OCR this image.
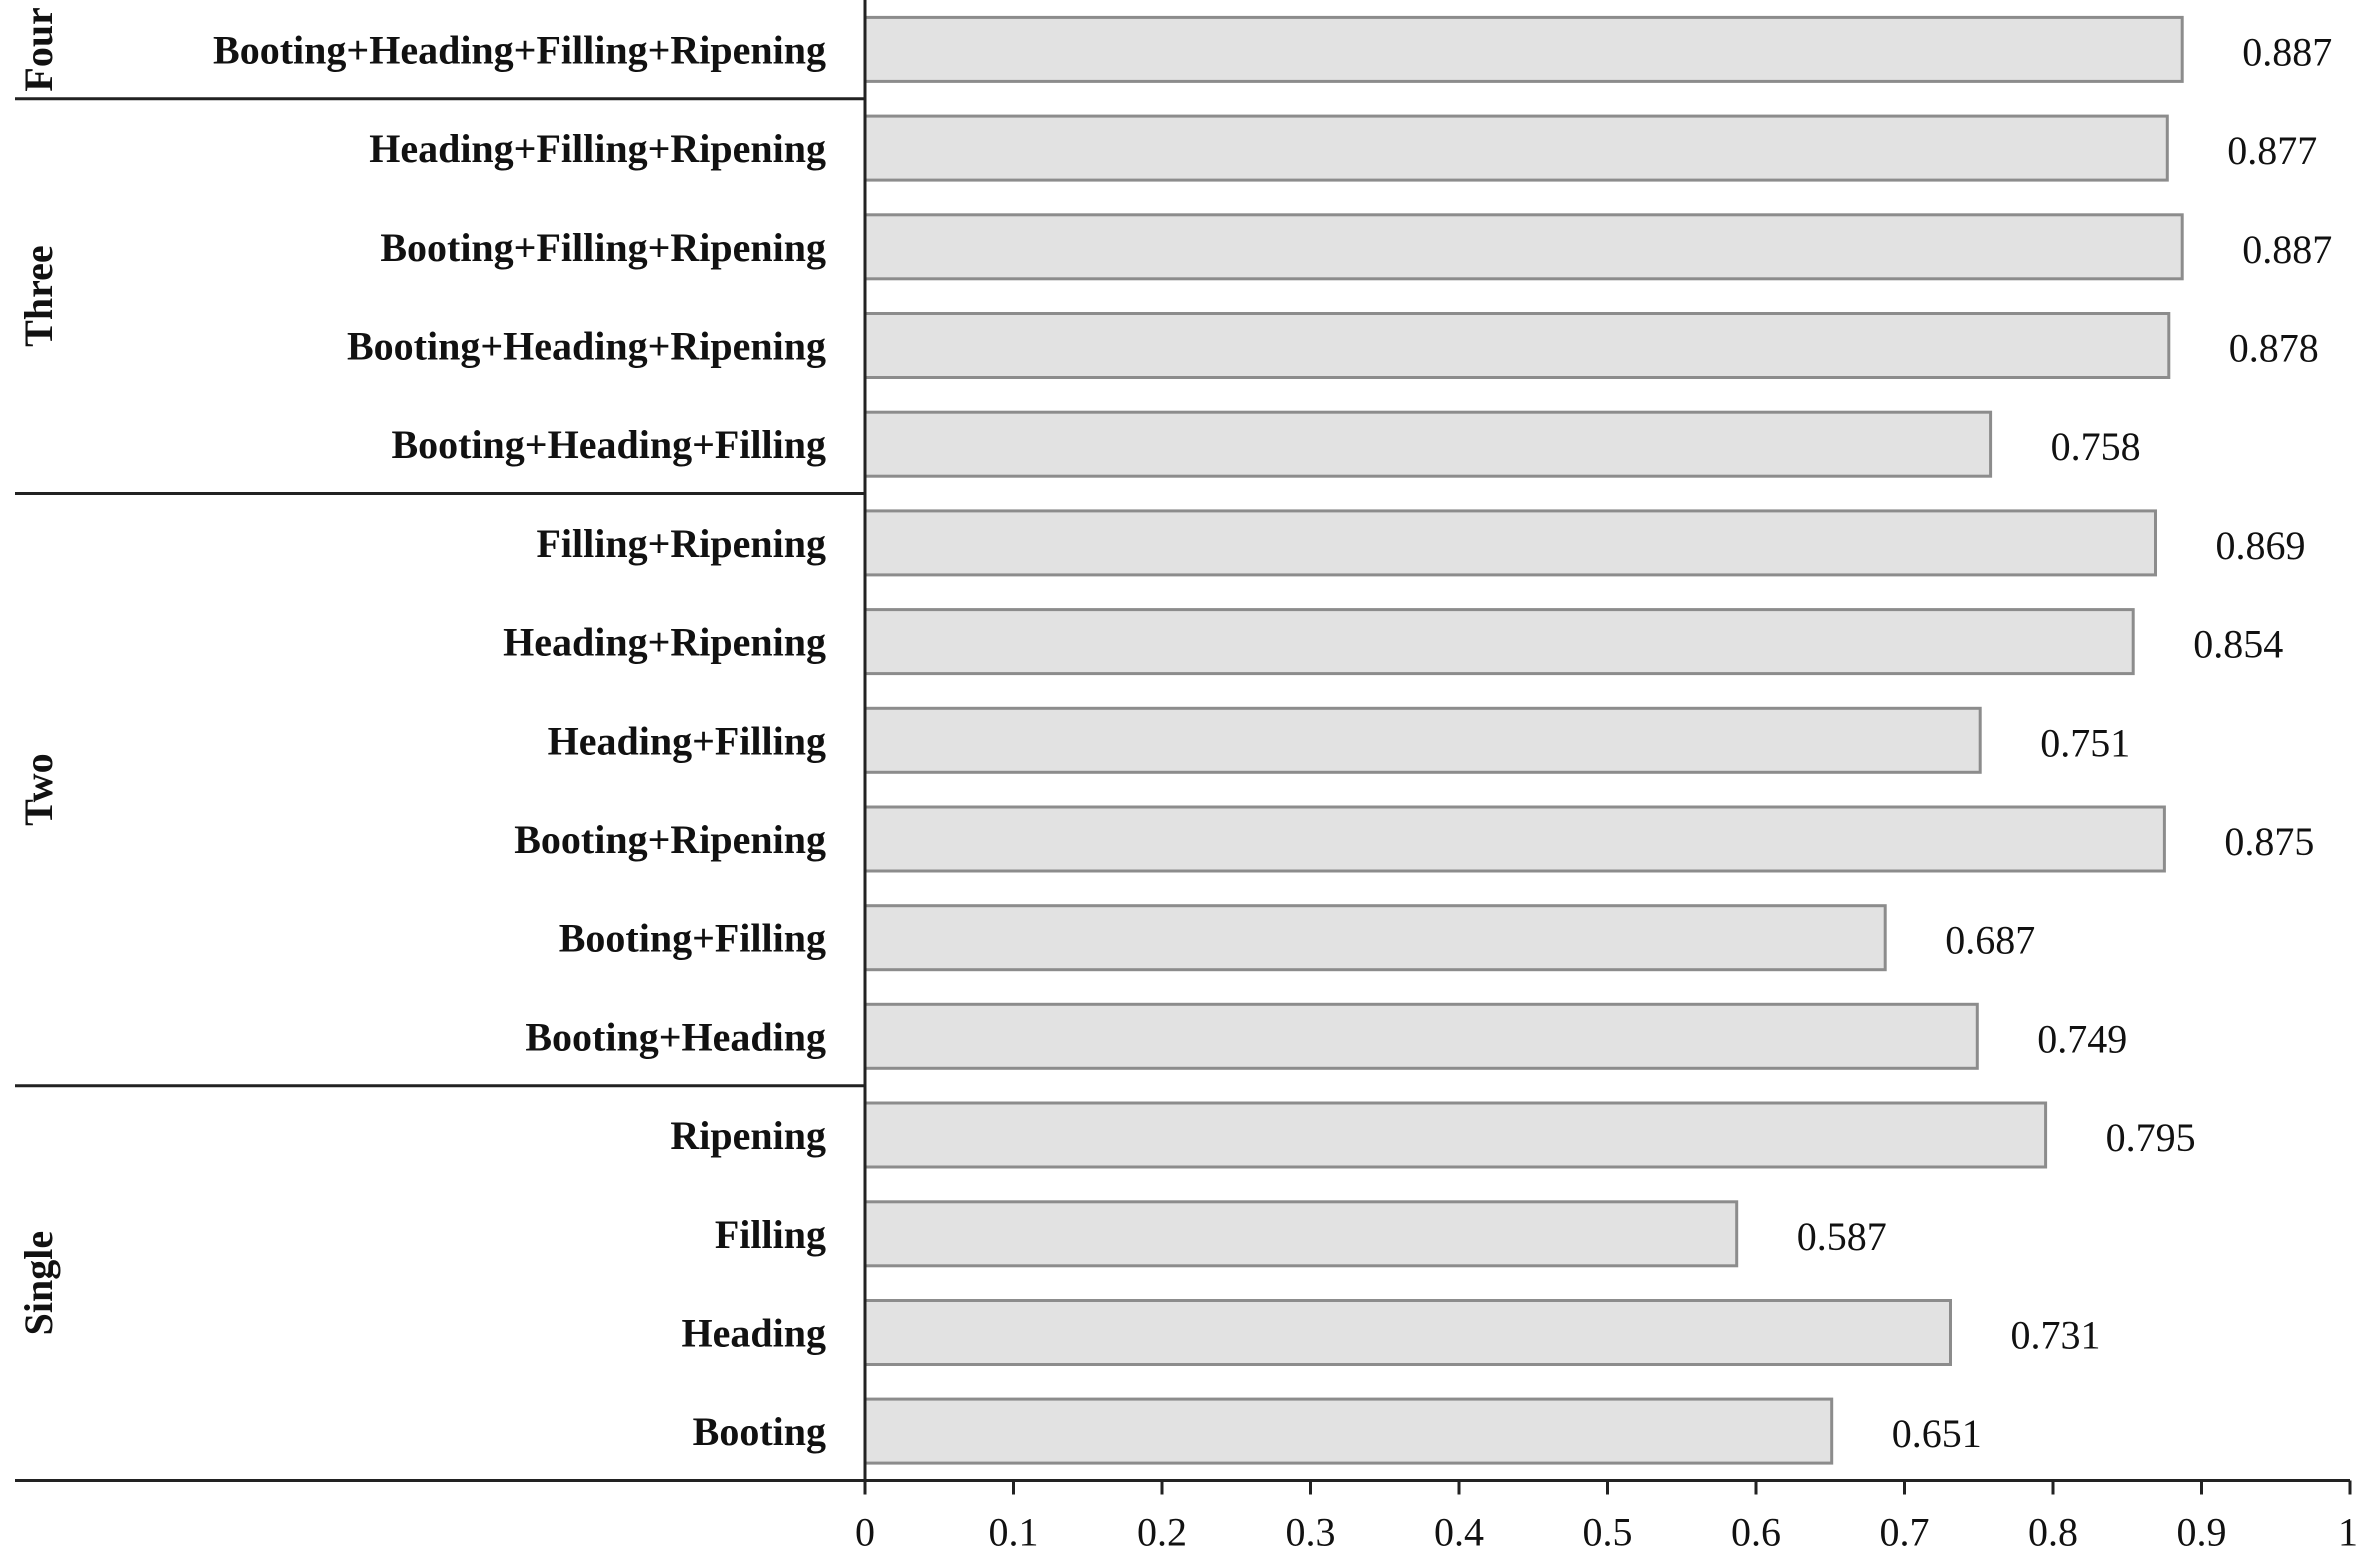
Booting+Heading+Filling+Ripening	0.887
Heading+Filling+Ripening	0.877
Booting+Filling+Ripening	0.887
Booting+Heading+Ripening	0.878
Booting+Heading+Filling	0.758
Filling+Ripening	0.869
Heading+Ripening	0.854
Heading+Filling	0.751
Booting+Ripening	0.875
Booting+Filling	0.687
Booting+Heading	0.749
Ripening	0.795
Filling	0.587
Heading	0.731
Booting	0.651
Four
Three
Two
Single
0	0.1 0.2 0.3 0.4 0.5 0.6 0.7 0.8 0.9	1
